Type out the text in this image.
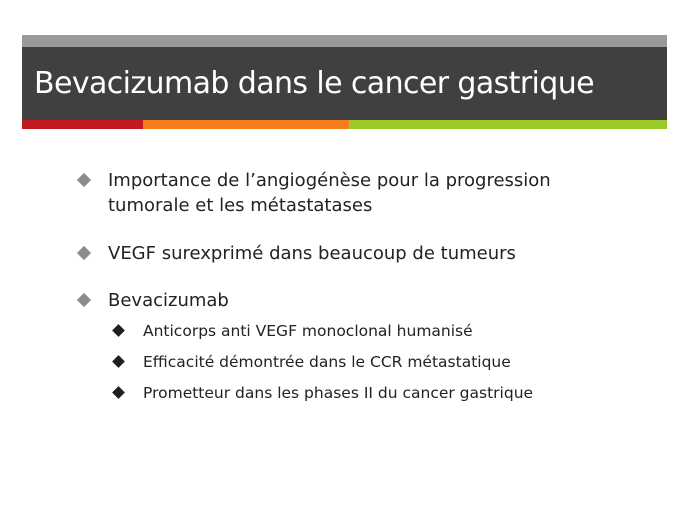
Bevacizumab dans le cancer gastrique
Importance de l’angiogénèse pour la progression
tumorale et les métastatases
VEGF surexprimé dans beaucoup de tumeurs
Bevacizumab
Anticorps anti VEGF monoclonal humanisé
Efficacité démontrée dans le CCR métastatique
Prometteur dans les phases II du cancer gastrique
